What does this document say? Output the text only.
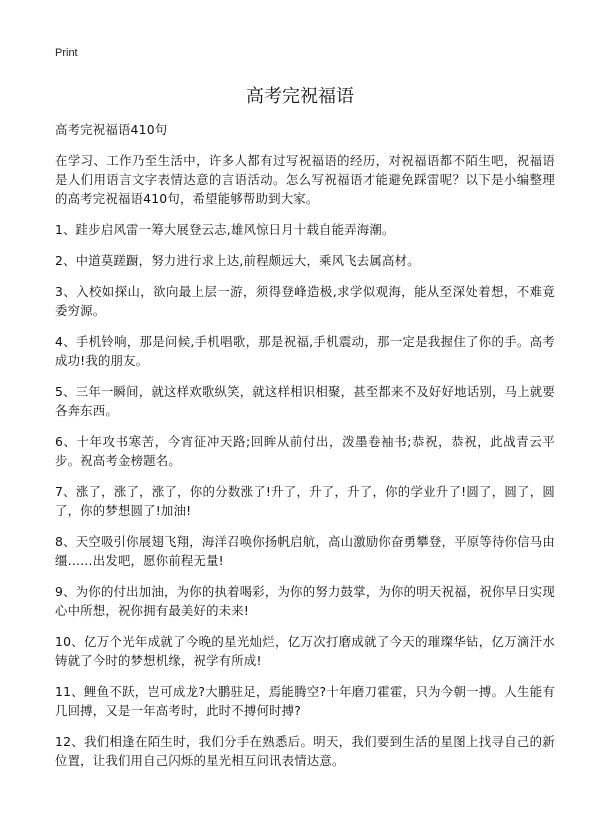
Print
高考完祝福语

高考完祝福语410句

在学习、工作乃至生活中，许多人都有过写祝福语的经历，对祝福语都不陌生吧，祝福语是人们用语言文字表情达意的言语活动。怎么写祝福语才能避免踩雷呢？以下是小编整理的高考完祝福语410句，希望能够帮助到大家。

1、跬步启风雷一筹大展登云志,雄风惊日月十载自能弄海潮。

2、中道莫蹉蹰，努力进行求上达,前程颇远大，乘风飞去属高材。

3、入校如探山，欲向最上层一游，须得登峰造极,求学似观海，能从至深处着想，不难竟委穷源。

4、手机铃响，那是问候,手机唱歌，那是祝福,手机震动，那一定是我握住了你的手。高考成功!我的朋友。

5、三年一瞬间，就这样欢歌纵笑，就这样相识相聚，甚至都来不及好好地话别，马上就要各奔东西。

6、十年攻书寒苦，今宵征冲天路;回眸从前付出，泼墨卷袖书;恭祝，恭祝，此战青云平步。祝高考金榜题名。

7、涨了，涨了，涨了，你的分数涨了!升了，升了，升了，你的学业升了!圆了，圆了，圆了，你的梦想圆了!加油!

8、天空吸引你展翅飞翔，海洋召唤你扬帆启航，高山激励你奋勇攀登，平原等待你信马由缰……出发吧，愿你前程无量!

9、为你的付出加油，为你的执着喝彩，为你的努力鼓掌，为你的明天祝福，祝你早日实现心中所想，祝你拥有最美好的未来!

10、亿万个光年成就了今晚的星光灿烂，亿万次打磨成就了今天的璀璨华钻，亿万滴汗水铸就了今时的梦想机缘，祝学有所成!

11、鲤鱼不跃，岂可成龙?大鹏驻足，焉能腾空?十年磨刀霍霍，只为今朝一搏。人生能有几回搏，又是一年高考时，此时不搏何时搏?

12、我们相逢在陌生时，我们分手在熟悉后。明天，我们要到生活的星图上找寻自己的新位置，让我们用自己闪烁的星光相互问讯表情达意。
